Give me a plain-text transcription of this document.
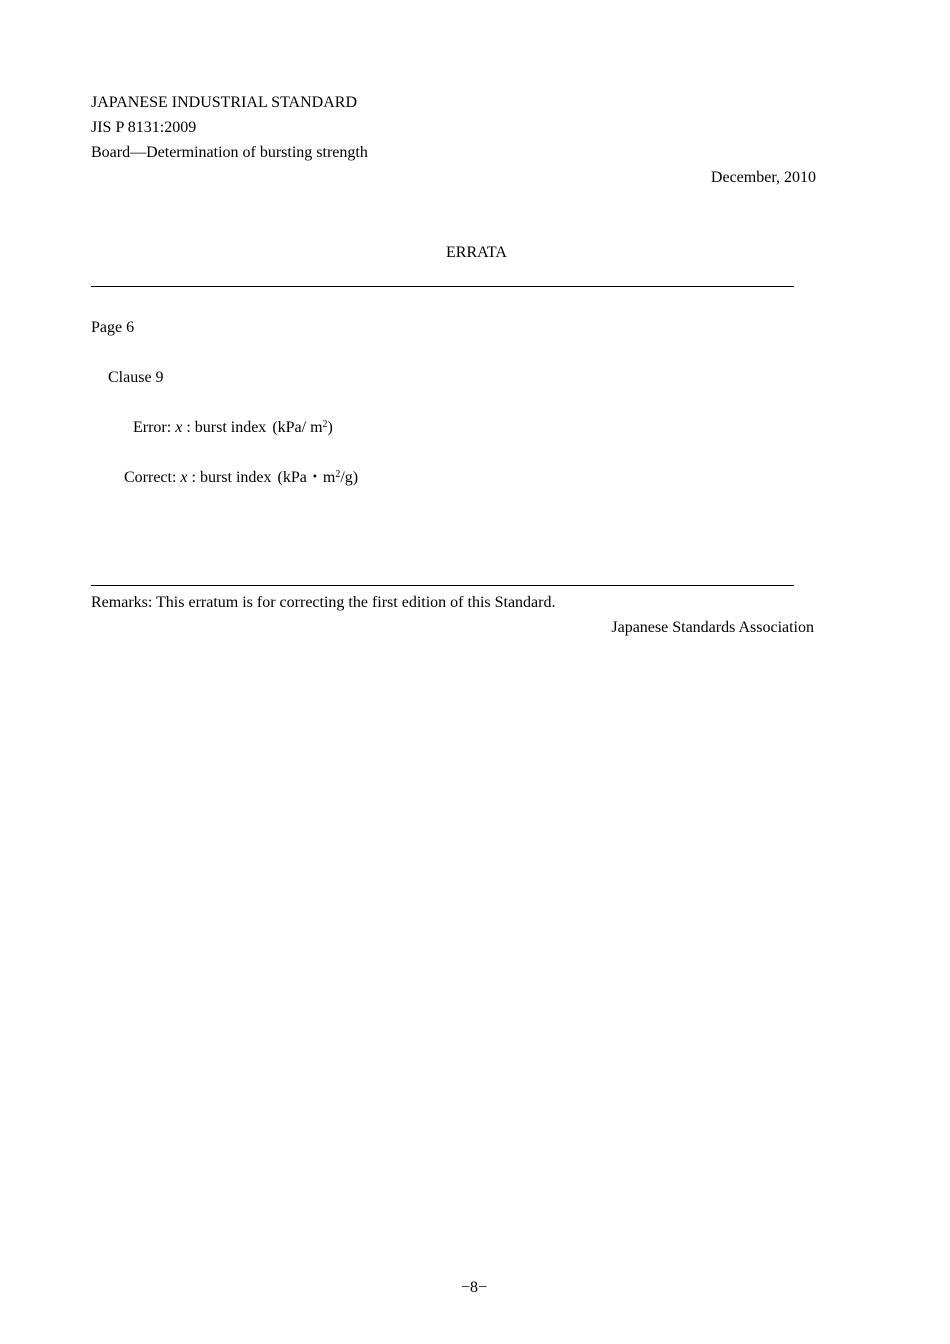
JAPANESE INDUSTRIAL STANDARD
JIS P 8131:2009
Board—Determination of bursting strength
December, 2010
ERRATA
Page 6
Clause 9
Error: x : burst index (kPa/ $m^2$)
Correct: x : burst index (kPa・$m^2/g$)
Remarks: This erratum is for correcting the first edition of this Standard.
Japanese Standards Association
−8−
